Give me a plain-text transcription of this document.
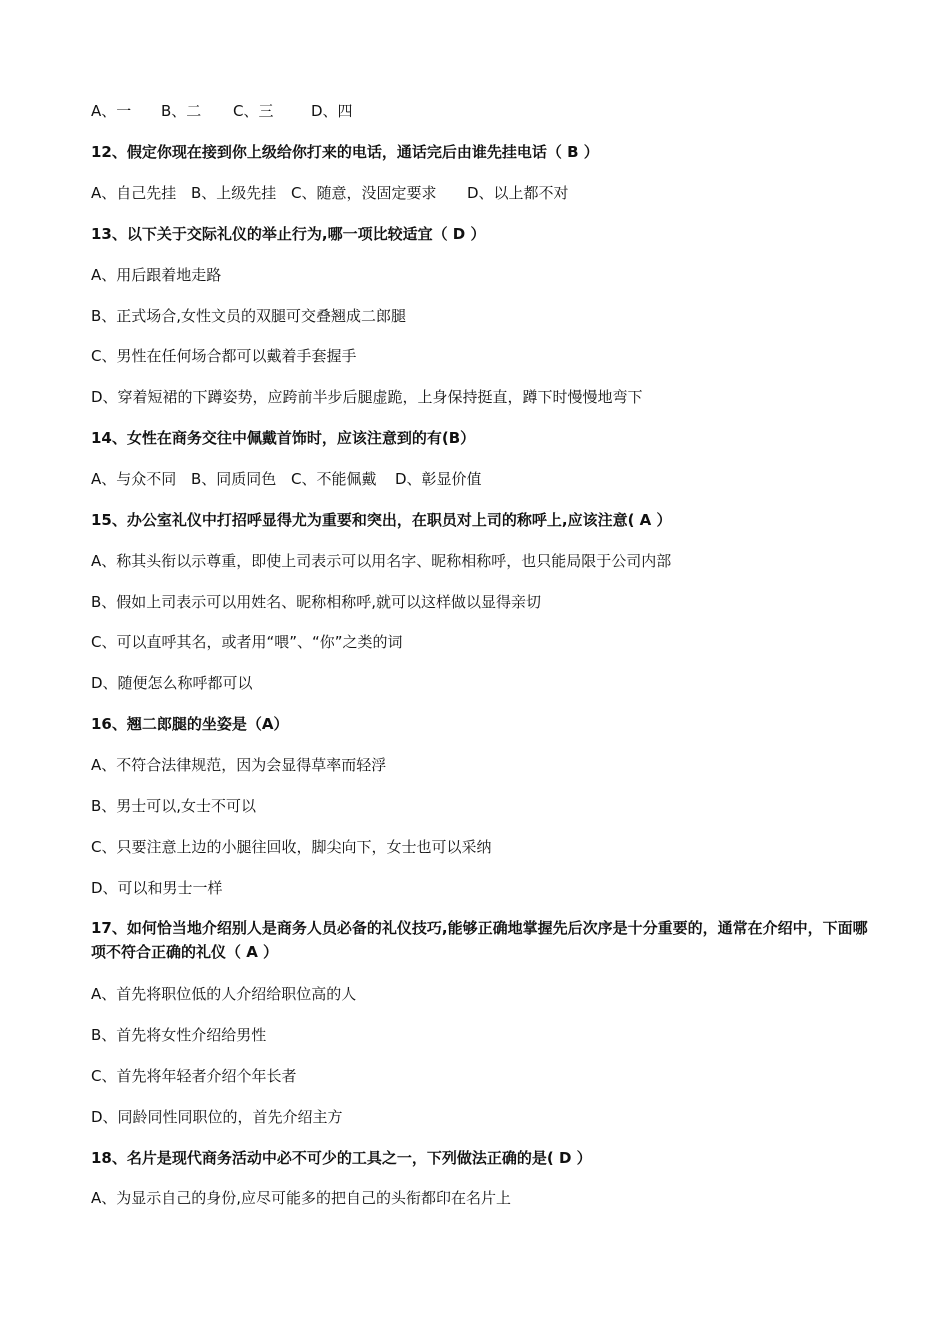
A、一 B、二 C、三	D、四
12、假定你现在接到你上级给你打来的电话，通话完后由谁先挂电话（ B ）
A、自己先挂 B、上级先挂 C、随意，没固定要求 D、以上都不对
13、以下关于交际礼仪的举止行为,哪一项比较适宜（ D ）
A、用后跟着地走路
B、正式场合,女性文员的双腿可交叠翘成二郎腿
C、男性在任何场合都可以戴着手套握手
D、穿着短裙的下蹲姿势，应跨前半步后腿虚跪，上身保持挺直，蹲下时慢慢地弯下
14、女性在商务交往中佩戴首饰时，应该注意到的有(B）
A、与众不同 B、同质同色 C、不能佩戴 D、彰显价值
15、办公室礼仪中打招呼显得尤为重要和突出，在职员对上司的称呼上,应该注意( A ）
A、称其头衔以示尊重，即使上司表示可以用名字、昵称相称呼，也只能局限于公司内部
B、假如上司表示可以用姓名、昵称相称呼,就可以这样做以显得亲切
C、可以直呼其名，或者用“喂”、“你”之类的词
D、随便怎么称呼都可以
16、翘二郎腿的坐姿是（A）
A、不符合法律规范，因为会显得草率而轻浮
B、男士可以,女士不可以
C、只要注意上边的小腿往回收，脚尖向下，女士也可以采纳
D、可以和男士一样
17、如何恰当地介绍别人是商务人员必备的礼仪技巧,能够正确地掌握先后次序是十分重要的，通常在介绍中，下面哪项不符合正确的礼仪（ A ）
A、首先将职位低的人介绍给职位高的人
B、首先将女性介绍给男性
C、首先将年轻者介绍个年长者
D、同龄同性同职位的，首先介绍主方
18、名片是现代商务活动中必不可少的工具之一，下列做法正确的是( D ）
A、为显示自己的身份,应尽可能多的把自己的头衔都印在名片上
